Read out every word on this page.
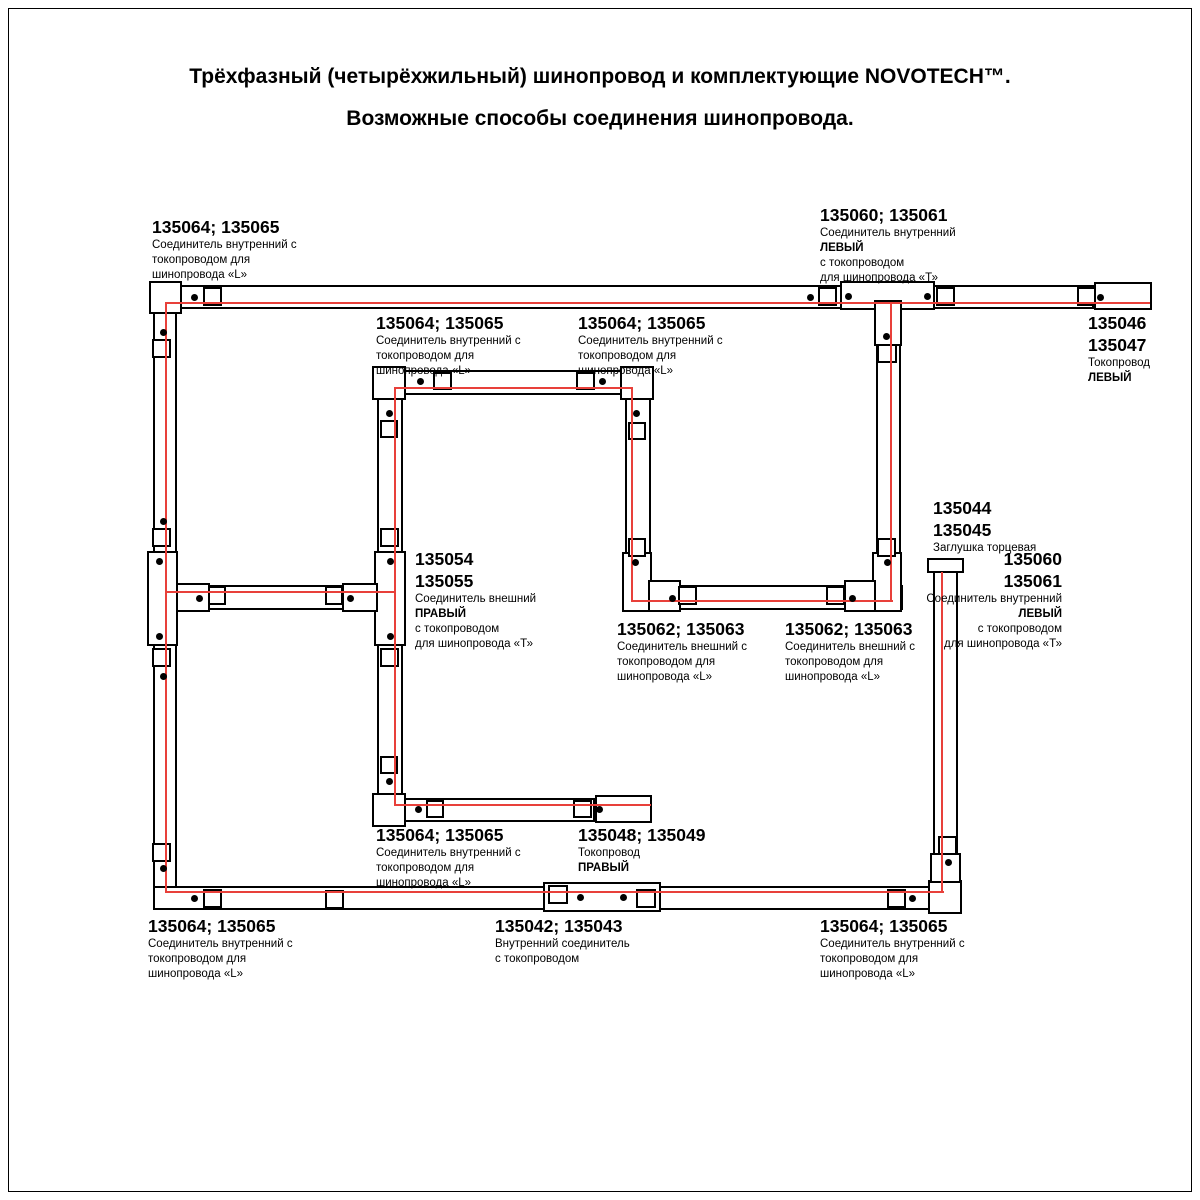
Трёхфазный (четырёхжильный) шинопровод и комплектующие NOVOTECH™.
Возможные способы соединения шинопровода.
135064; 135065
Соединитель внутренний с
токопроводом для
шинопровода «L»
135060; 135061
Соединитель внутренний
ЛЕВЫЙ
с токопроводом
для шинопровода «Т»
135046
135047
Токопровод
ЛЕВЫЙ
135064; 135065
Соединитель внутренний с
токопроводом для
шинопровода «L»
135064; 135065
Соединитель внутренний с
токопроводом для
шинопровода «L»
135060
135061
Соединитель внутренний
ЛЕВЫЙ
с токопроводом
для шинопровода «Т»
135054
135055
Соединитель внешний
ПРАВЫЙ
с токопроводом
для шинопровода «Т»
135044
135045
Заглушка торцевая
135062; 135063
Соединитель внешний с
токопроводом для
шинопровода «L»
135062; 135063
Соединитель внешний с
токопроводом для
шинопровода «L»
135064; 135065
Соединитель внутренний с
токопроводом для
шинопровода «L»
135048; 135049
Токопровод
ПРАВЫЙ
135064; 135065
Соединитель внутренний с
токопроводом для
шинопровода «L»
135042; 135043
Внутренний соединитель
с токопроводом
135064; 135065
Соединитель внутренний с
токопроводом для
шинопровода «L»
